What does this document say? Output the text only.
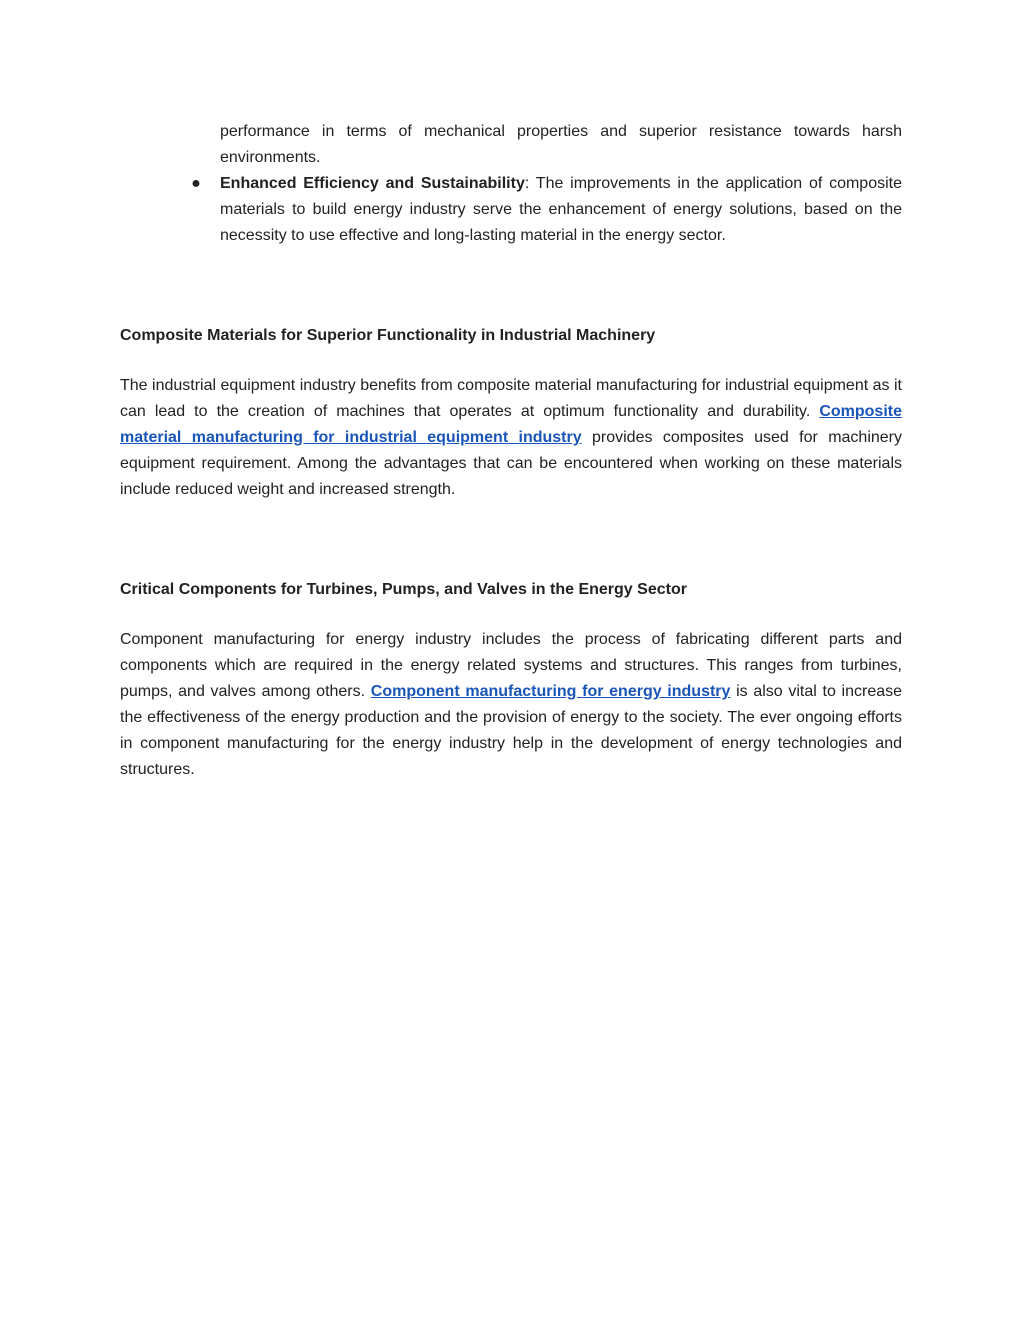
performance in terms of mechanical properties and superior resistance towards harsh environments.

●	Enhanced Efficiency and Sustainability: The improvements in the application of composite materials to build energy industry serve the enhancement of energy solutions, based on the necessity to use effective and long-lasting material in the energy sector.

Composite Materials for Superior Functionality in Industrial Machinery

The industrial equipment industry benefits from composite material manufacturing for industrial equipment as it can lead to the creation of machines that operates at optimum functionality and durability. Composite material manufacturing for industrial equipment industry provides composites used for machinery equipment requirement. Among the advantages that can be encountered when working on these materials include reduced weight and increased strength.

Critical Components for Turbines, Pumps, and Valves in the Energy Sector

Component manufacturing for energy industry includes the process of fabricating different parts and components which are required in the energy related systems and structures. This ranges from turbines, pumps, and valves among others. Component manufacturing for energy industry is also vital to increase the effectiveness of the energy production and the provision of energy to the society. The ever ongoing efforts in component manufacturing for the energy industry help in the development of energy technologies and structures.
